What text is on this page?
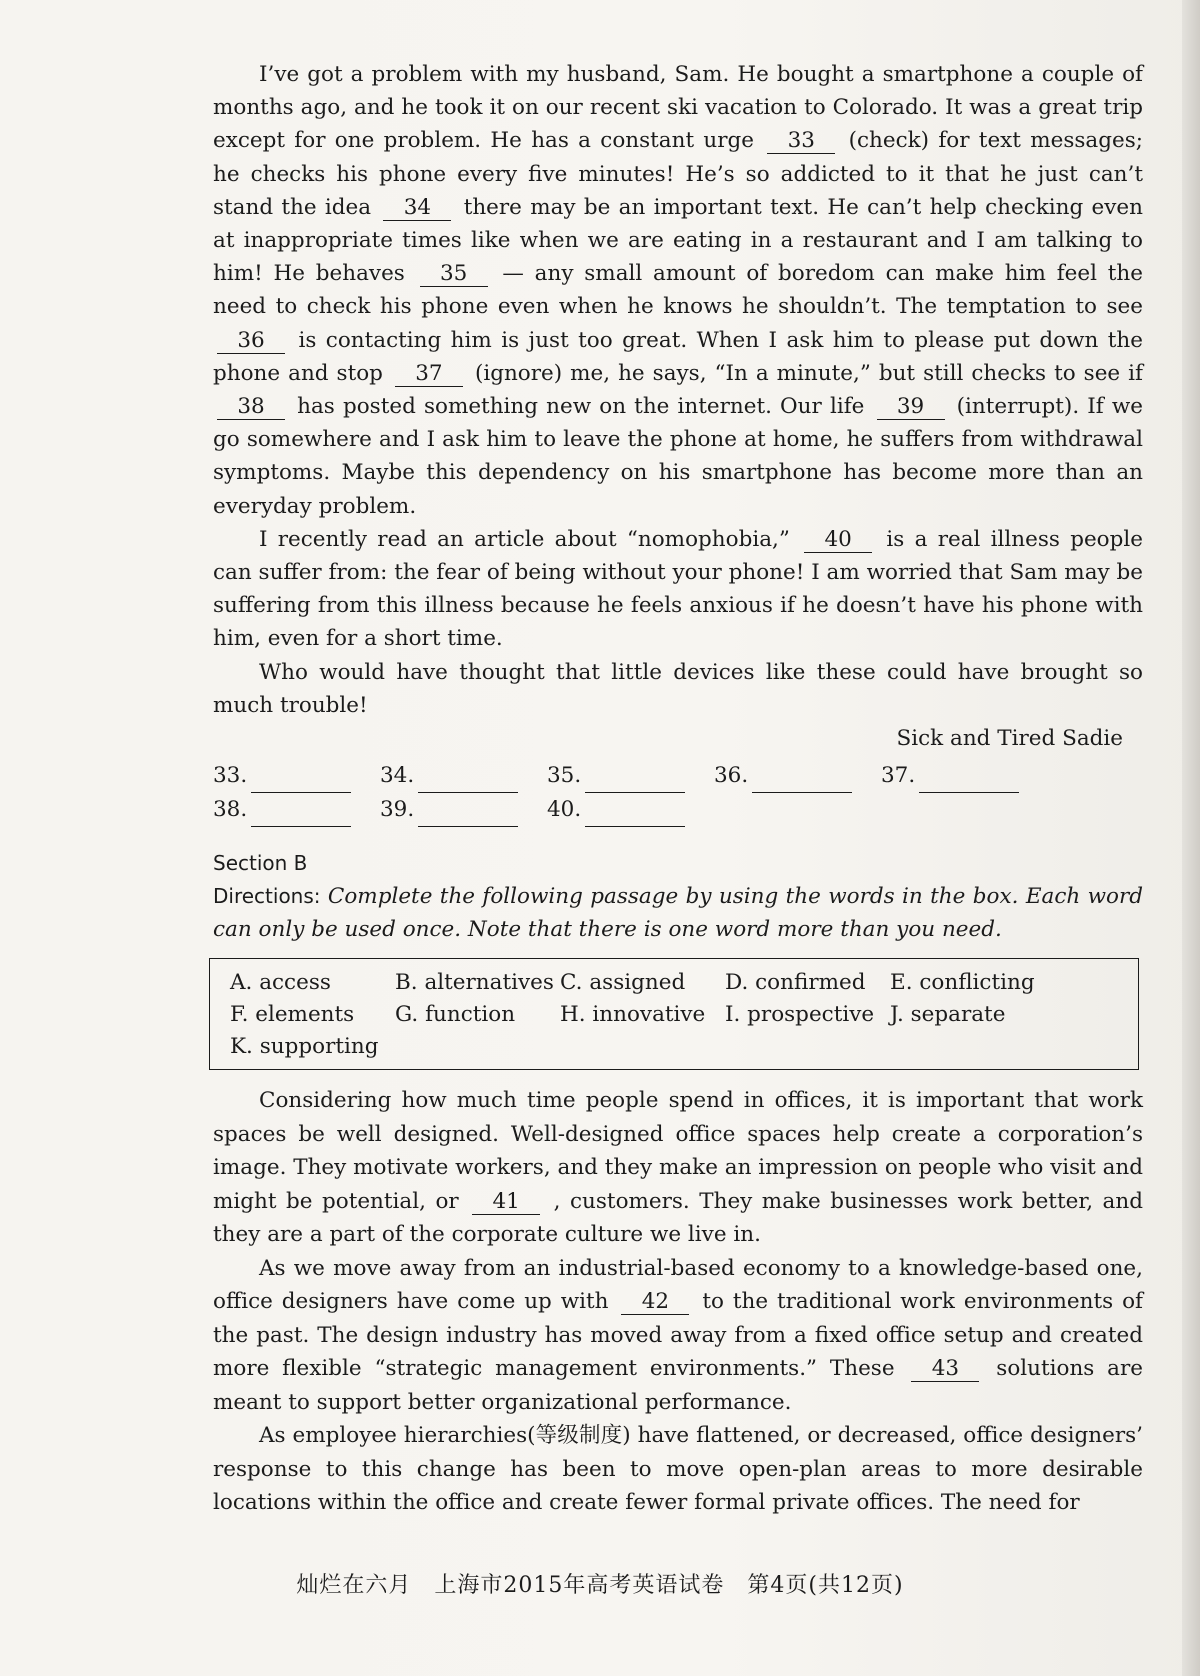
I’ve got a problem with my husband, Sam. He bought a smartphone a couple of months ago, and he took it on our recent ski vacation to Colorado. It was a great trip except for one problem. He has a constant urge 33 (check) for text messages; he checks his phone every five minutes! He’s so addicted to it that he just can’t stand the idea 34 there may be an important text. He can’t help checking even at inappropriate times like when we are eating in a restaurant and I am talking to him! He behaves 35 — any small amount of boredom can make him feel the need to check his phone even when he knows he shouldn’t. The temptation to see 36 is contacting him is just too great. When I ask him to please put down the phone and stop 37 (ignore) me, he says, “In a minute,” but still checks to see if 38 has posted something new on the internet. Our life 39 (interrupt). If we go somewhere and I ask him to leave the phone at home, he suffers from withdrawal symptoms. Maybe this dependency on his smartphone has become more than an everyday problem.

I recently read an article about “nomophobia,” 40 is a real illness people can suffer from: the fear of being without your phone! I am worried that Sam may be suffering from this illness because he feels anxious if he doesn’t have his phone with him, even for a short time.

Who would have thought that little devices like these could have brought so much trouble!

Sick and Tired Sadie

33.	34.	35.	36.	37.
38.	39.	40.
Section B
Directions: Complete the following passage by using the words in the box. Each word can only be used once. Note that there is one word more than you need.
A. access	B. alternatives C. assigned	D. confirmed	E. conflicting
F. elements	G. function	H. innovative I. prospective J. separate
K. supporting

Considering how much time people spend in offices, it is important that work spaces be well designed. Well-designed office spaces help create a corporation’s image. They motivate workers, and they make an impression on people who visit and might be potential, or 41 , customers. They make businesses work better, and they are a part of the corporate culture we live in.

As we move away from an industrial-based economy to a knowledge-based one, office designers have come up with 42 to the traditional work environments of the past. The design industry has moved away from a fixed office setup and created more flexible “strategic management environments.” These 43 solutions are meant to support better organizational performance.

As employee hierarchies(等级制度) have flattened, or decreased, office designers’ response to this change has been to move open-plan areas to more desirable locations within the office and create fewer formal private offices. The need for

灿烂在六月　上海市2015年高考英语试卷　第4页(共12页)
